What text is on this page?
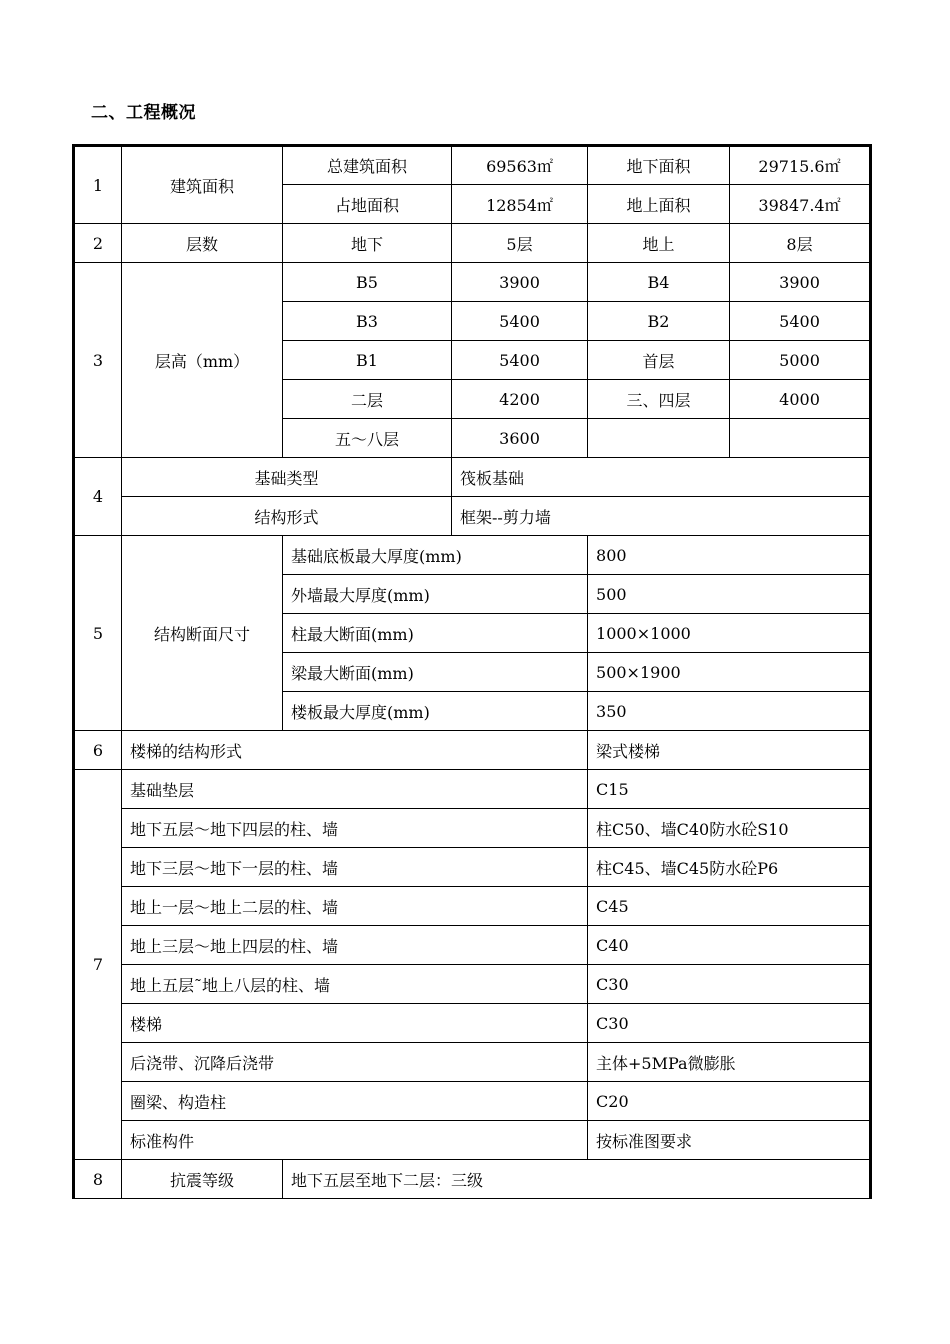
二、工程概况
1	建筑面积	总建筑面积	69563㎡	地下面积	29715.6㎡
		占地面积	12854㎡	地上面积	39847.4㎡
2	层数	地下	5层	地上	8层
3	层高（mm）	B5	3900	B4	3900
		B3	5400	B2	5400
		B1	5400	首层	5000
		二层	4200	三、四层	4000
		五～八层	3600		
4	基础类型		筏板基础		
	结构形式		框架--剪力墙		
5	结构断面尺寸	基础底板最大厚度(mm)		800	
		外墙最大厚度(mm)		500	
		柱最大断面(mm)		1000×1000	
		梁最大断面(mm)		500×1900	
		楼板最大厚度(mm)		350	
6	楼梯的结构形式			梁式楼梯	
7	基础垫层			C15	
	地下五层～地下四层的柱、墙			柱C50、墙C40防水砼S10	
	地下三层～地下一层的柱、墙			柱C45、墙C45防水砼P6	
	地上一层～地上二层的柱、墙			C45	
	地上三层～地上四层的柱、墙			C40	
	地上五层˜地上八层的柱、墙			C30	
	楼梯			C30	
	后浇带、沉降后浇带			主体+5MPa微膨胀	
	圈梁、构造柱			C20	
	标准构件			按标准图要求	
8	抗震等级	地下五层至地下二层：三级			
